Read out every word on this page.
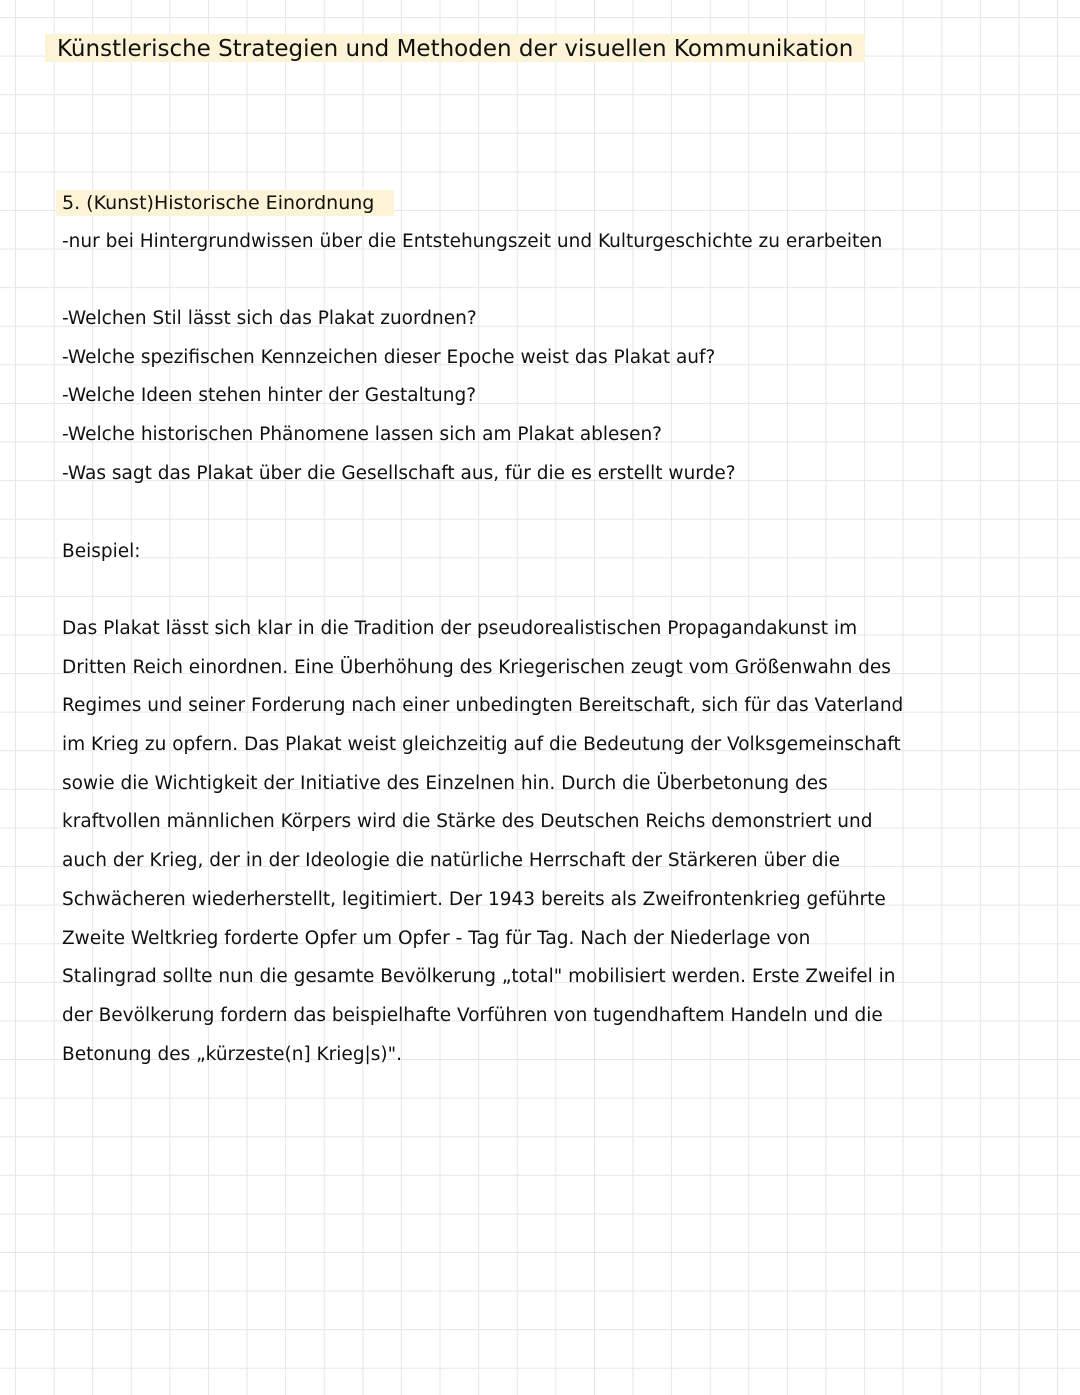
Künstlerische Strategien und Methoden der visuellen Kommunikation
5. (Kunst)Historische Einordnung
-nur bei Hintergrundwissen über die Entstehungszeit und Kulturgeschichte zu erarbeiten
-Welchen Stil lässt sich das Plakat zuordnen?
-Welche spezifischen Kennzeichen dieser Epoche weist das Plakat auf?
-Welche Ideen stehen hinter der Gestaltung?
-Welche historischen Phänomene lassen sich am Plakat ablesen?
-Was sagt das Plakat über die Gesellschaft aus, für die es erstellt wurde?
Beispiel:
Das Plakat lässt sich klar in die Tradition der pseudorealistischen Propagandakunst im
Dritten Reich einordnen. Eine Überhöhung des Kriegerischen zeugt vom Größenwahn des
Regimes und seiner Forderung nach einer unbedingten Bereitschaft, sich für das Vaterland
im Krieg zu opfern. Das Plakat weist gleichzeitig auf die Bedeutung der Volksgemeinschaft
sowie die Wichtigkeit der Initiative des Einzelnen hin. Durch die Überbetonung des
kraftvollen männlichen Körpers wird die Stärke des Deutschen Reichs demonstriert und
auch der Krieg, der in der Ideologie die natürliche Herrschaft der Stärkeren über die
Schwächeren wiederherstellt, legitimiert. Der 1943 bereits als Zweifrontenkrieg geführte
Zweite Weltkrieg forderte Opfer um Opfer - Tag für Tag. Nach der Niederlage von
Stalingrad sollte nun die gesamte Bevölkerung „total" mobilisiert werden. Erste Zweifel in
der Bevölkerung fordern das beispielhafte Vorführen von tugendhaftem Handeln und die
Betonung des „kürzeste(n] Krieg|s)".
